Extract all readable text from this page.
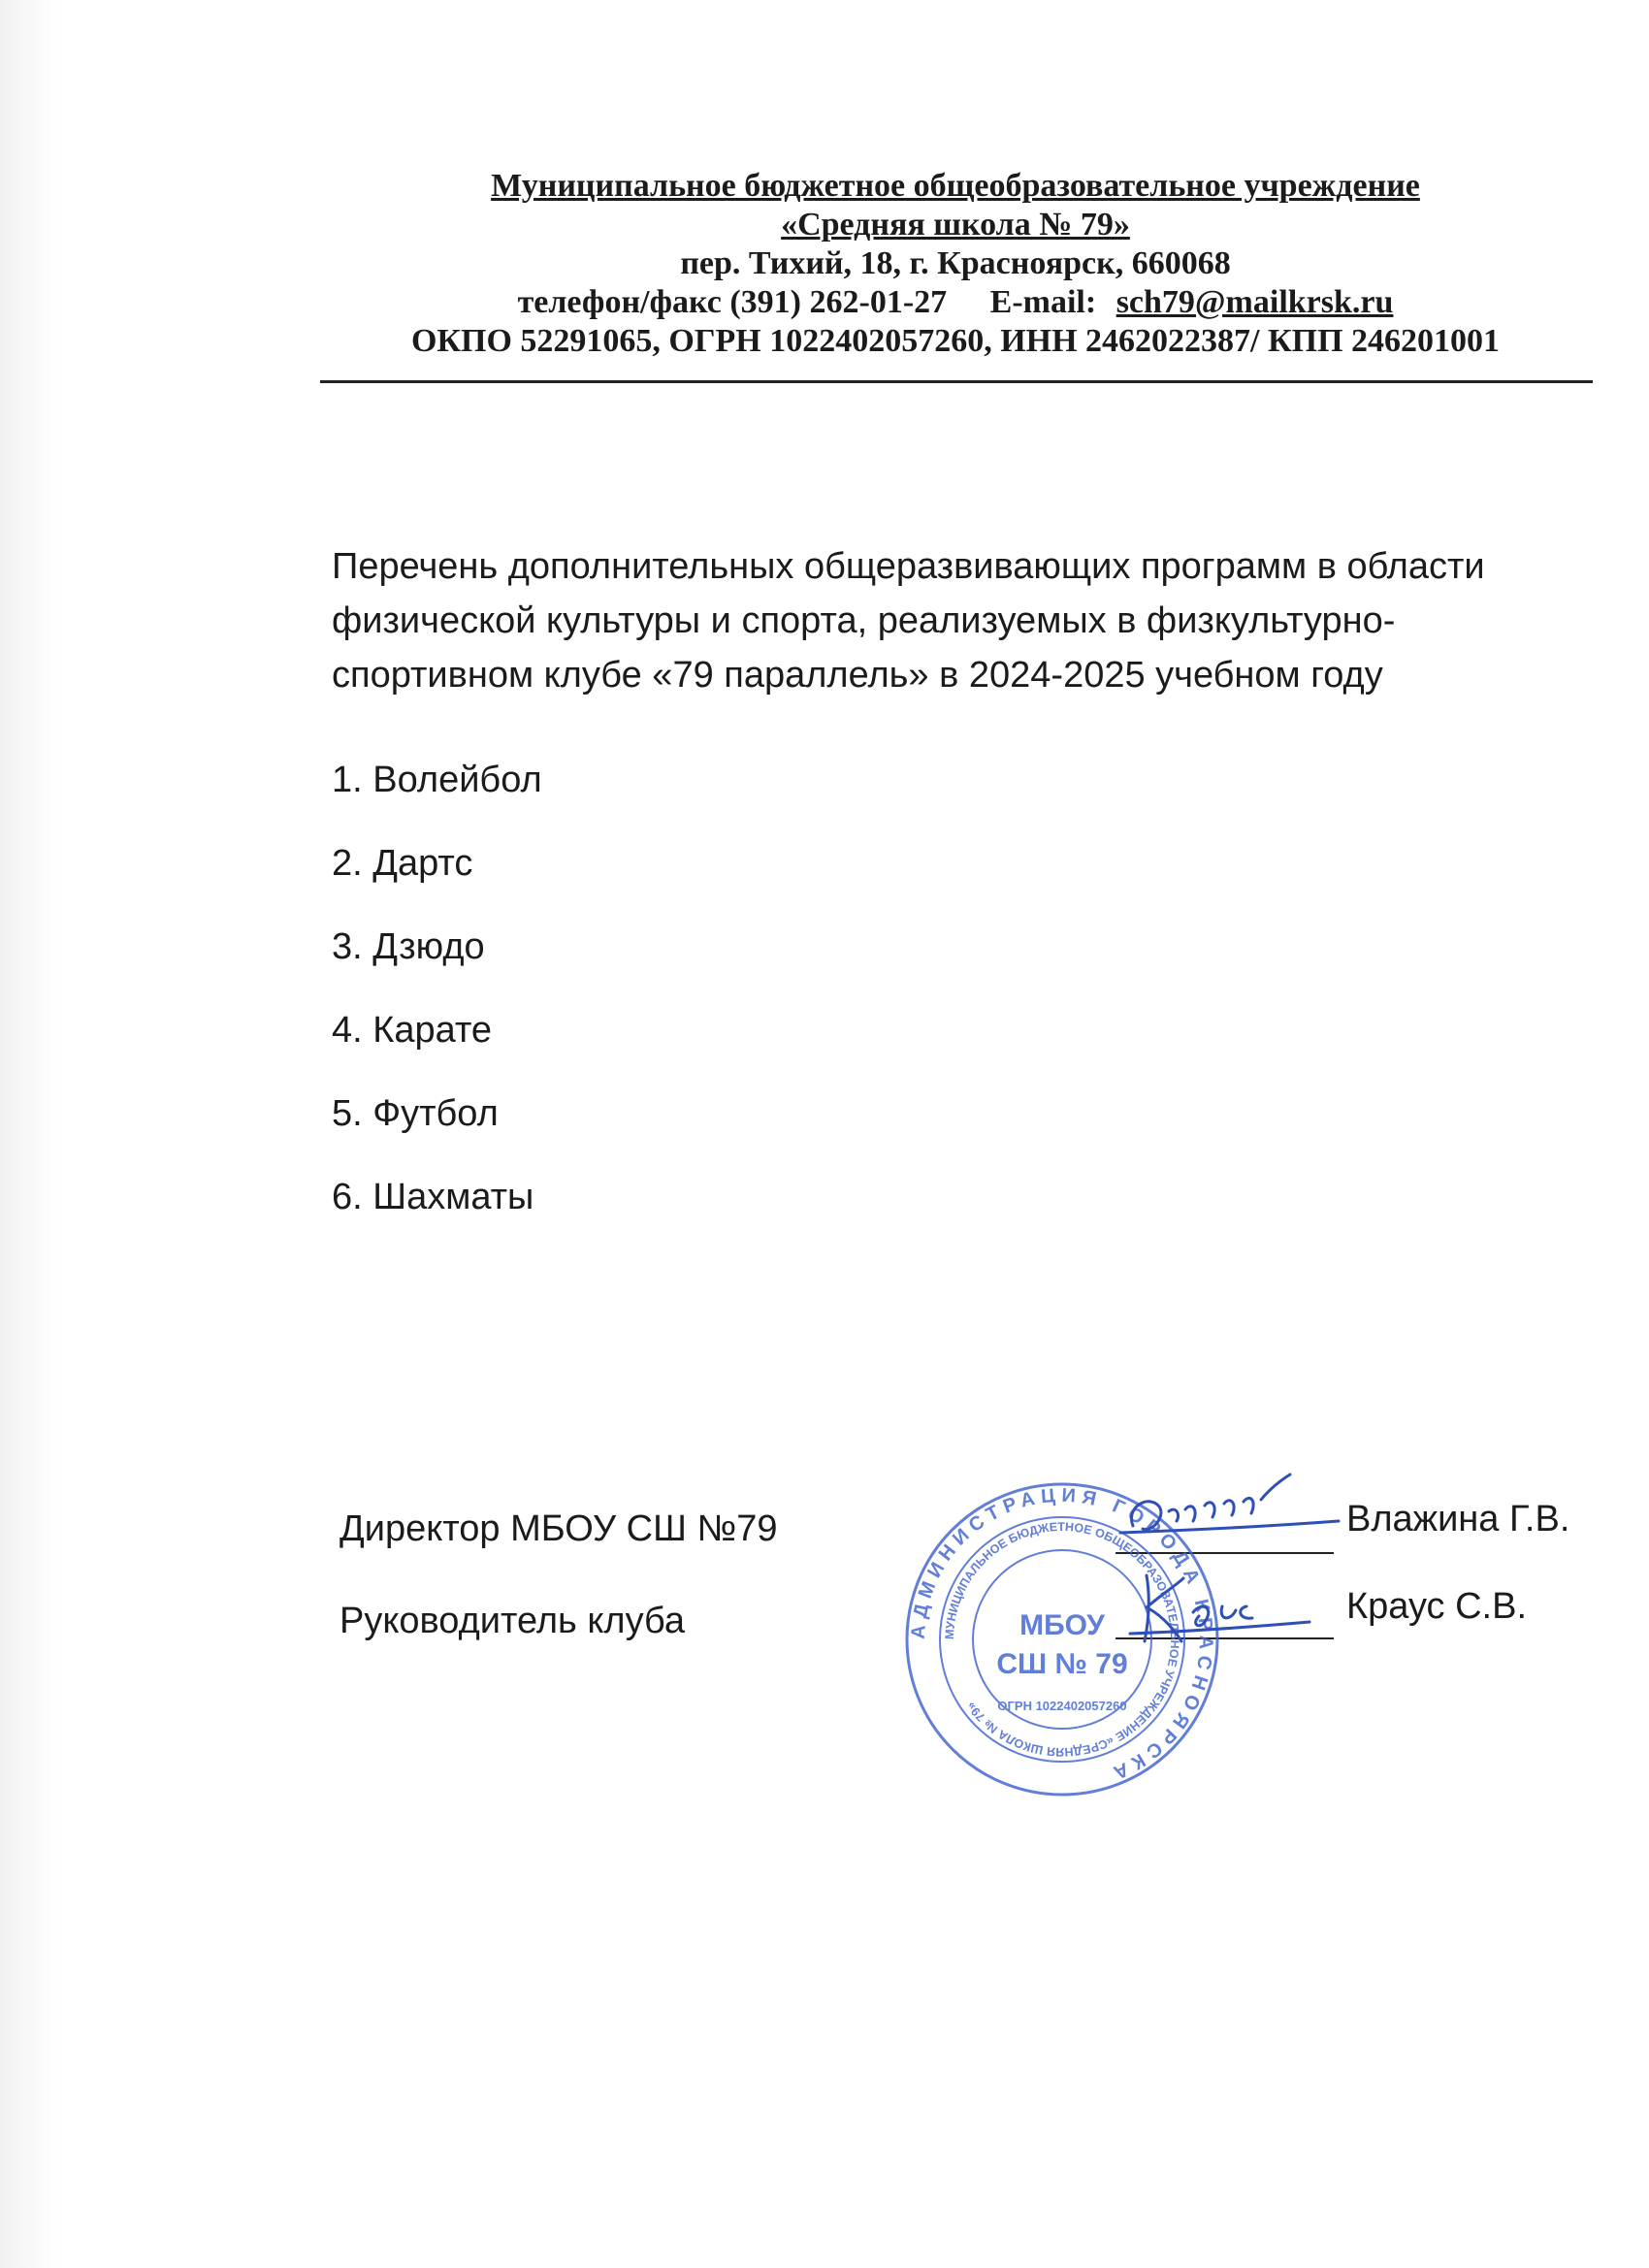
Муниципальное бюджетное общеобразовательное учреждение
«Средняя школа № 79»
пер. Тихий, 18, г. Красноярск, 660068
телефон/факс (391) 262-01-27 E-mail: sch79@mailkrsk.ru
ОКПО 52291065, ОГРН 1022402057260, ИНН 2462022387/ КПП 246201001
Перечень дополнительных общеразвивающих программ в области
физической культуры и спорта, реализуемых в физкультурно-
спортивном клубе «79 параллель» в 2024-2025 учебном году
1. Волейбол
2. Дартс
3. Дзюдо
4. Карате
5. Футбол
6. Шахматы
Директор МБОУ СШ №79	Влажина Г.В.
Руководитель клуба	Краус С.В.
АДМИНИСТРАЦИЯ ГОРОДА КРАСНОЯРСКА
МУНИЦИПАЛЬНОЕ БЮДЖЕТНОЕ ОБЩЕОБРАЗОВАТЕЛЬНОЕ УЧРЕЖДЕНИЕ «СРЕДНЯЯ ШКОЛА № 79»
МБОУ
СШ № 79
ОГРН 1022402057260
